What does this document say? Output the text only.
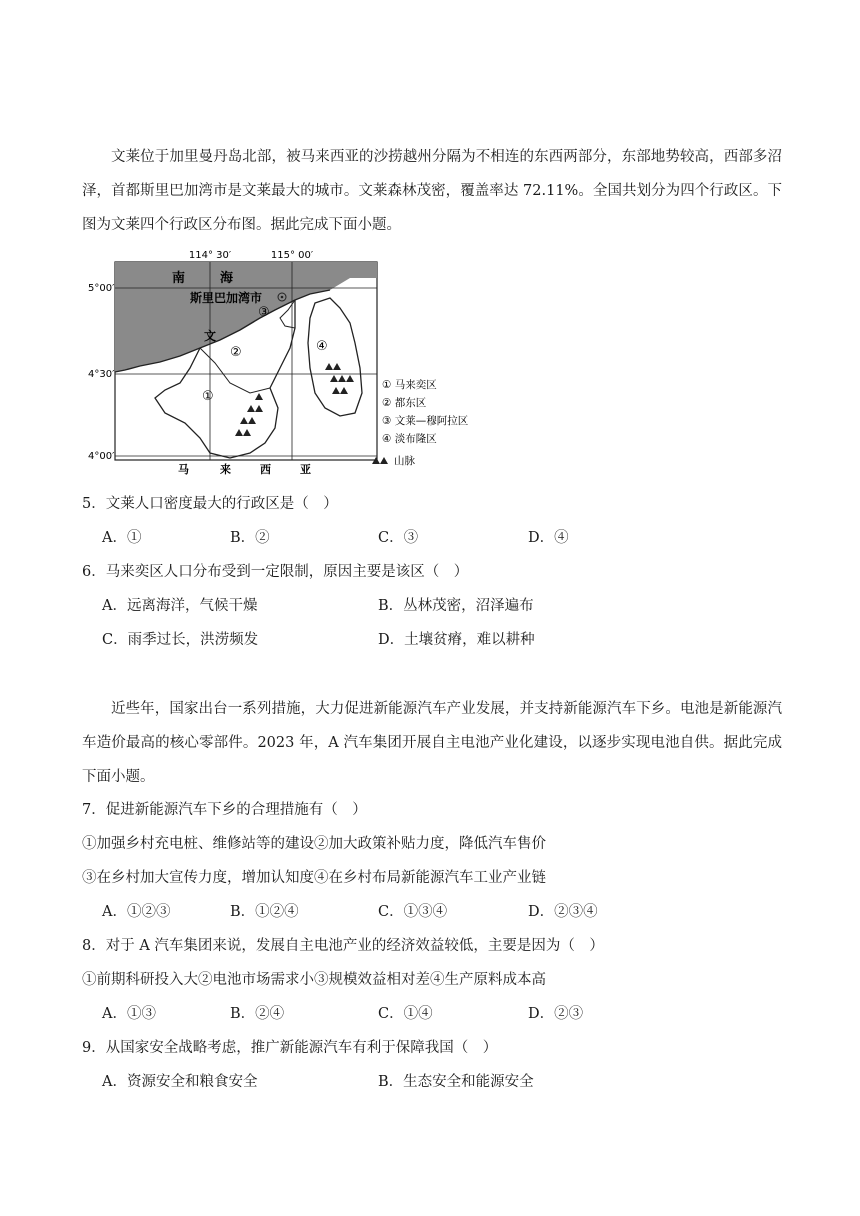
文莱位于加里曼丹岛北部，被马来西亚的沙捞越州分隔为不相连的东西两部分，东部地势较高，西部多沼泽，首都斯里巴加湾市是文莱最大的城市。文莱森林茂密，覆盖率达 72.11%。全国共划分为四个行政区。下图为文莱四个行政区分布图。据此完成下面小题。
114° 30′	115° 00′
5°00′
4°30′
4°00′
南	海
斯里巴加湾市
文
①
②
③
④
马	来	西	亚
① 马来奕区
② 都东区
③ 文莱—穆阿拉区
④ 淡布隆区
山脉
5．文莱人口密度最大的行政区是（　）
A．①	B．②	C．③	D．④
6．马来奕区人口分布受到一定限制，原因主要是该区（　）
A．远离海洋，气候干燥	B．丛林茂密，沼泽遍布
C．雨季过长，洪涝频发	D．土壤贫瘠，难以耕种
近些年，国家出台一系列措施，大力促进新能源汽车产业发展，并支持新能源汽车下乡。电池是新能源汽车造价最高的核心零部件。2023 年，A 汽车集团开展自主电池产业化建设，以逐步实现电池自供。据此完成下面小题。
7．促进新能源汽车下乡的合理措施有（　）
①加强乡村充电桩、维修站等的建设②加大政策补贴力度，降低汽车售价
③在乡村加大宣传力度，增加认知度④在乡村布局新能源汽车工业产业链
A．①②③	B．①②④	C．①③④	D．②③④
8．对于 A 汽车集团来说，发展自主电池产业的经济效益较低，主要是因为（　）
①前期科研投入大②电池市场需求小③规模效益相对差④生产原料成本高
A．①③	B．②④	C．①④	D．②③
9．从国家安全战略考虑，推广新能源汽车有利于保障我国（　）
A．资源安全和粮食安全	B．生态安全和能源安全
